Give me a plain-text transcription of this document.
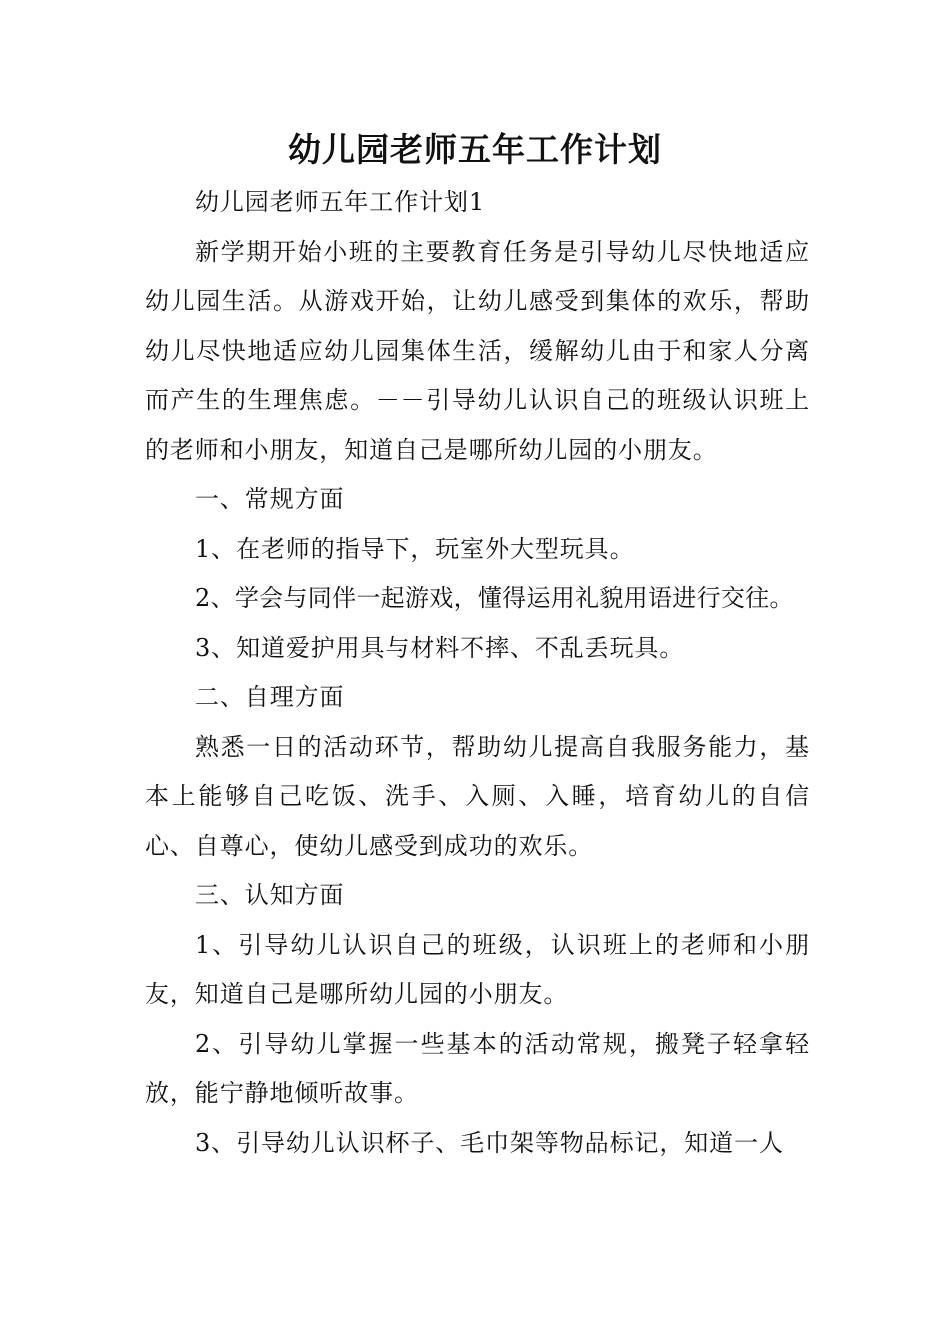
幼儿园老师五年工作计划

幼儿园老师五年工作计划1

新学期开始小班的主要教育任务是引导幼儿尽快地适应幼儿园生活。从游戏开始，让幼儿感受到集体的欢乐，帮助幼儿尽快地适应幼儿园集体生活，缓解幼儿由于和家人分离而产生的生理焦虑。－－引导幼儿认识自己的班级认识班上的老师和小朋友，知道自己是哪所幼儿园的小朋友。

一、常规方面

1、在老师的指导下，玩室外大型玩具。

2、学会与同伴一起游戏，懂得运用礼貌用语进行交往。

3、知道爱护用具与材料不摔、不乱丢玩具。

二、自理方面

熟悉一日的活动环节，帮助幼儿提高自我服务能力，基本上能够自己吃饭、洗手、入厕、入睡，培育幼儿的自信心、自尊心，使幼儿感受到成功的欢乐。

三、认知方面

1、引导幼儿认识自己的班级，认识班上的老师和小朋友，知道自己是哪所幼儿园的小朋友。

2、引导幼儿掌握一些基本的活动常规，搬凳子轻拿轻放，能宁静地倾听故事。

3、引导幼儿认识杯子、毛巾架等物品标记，知道一人
